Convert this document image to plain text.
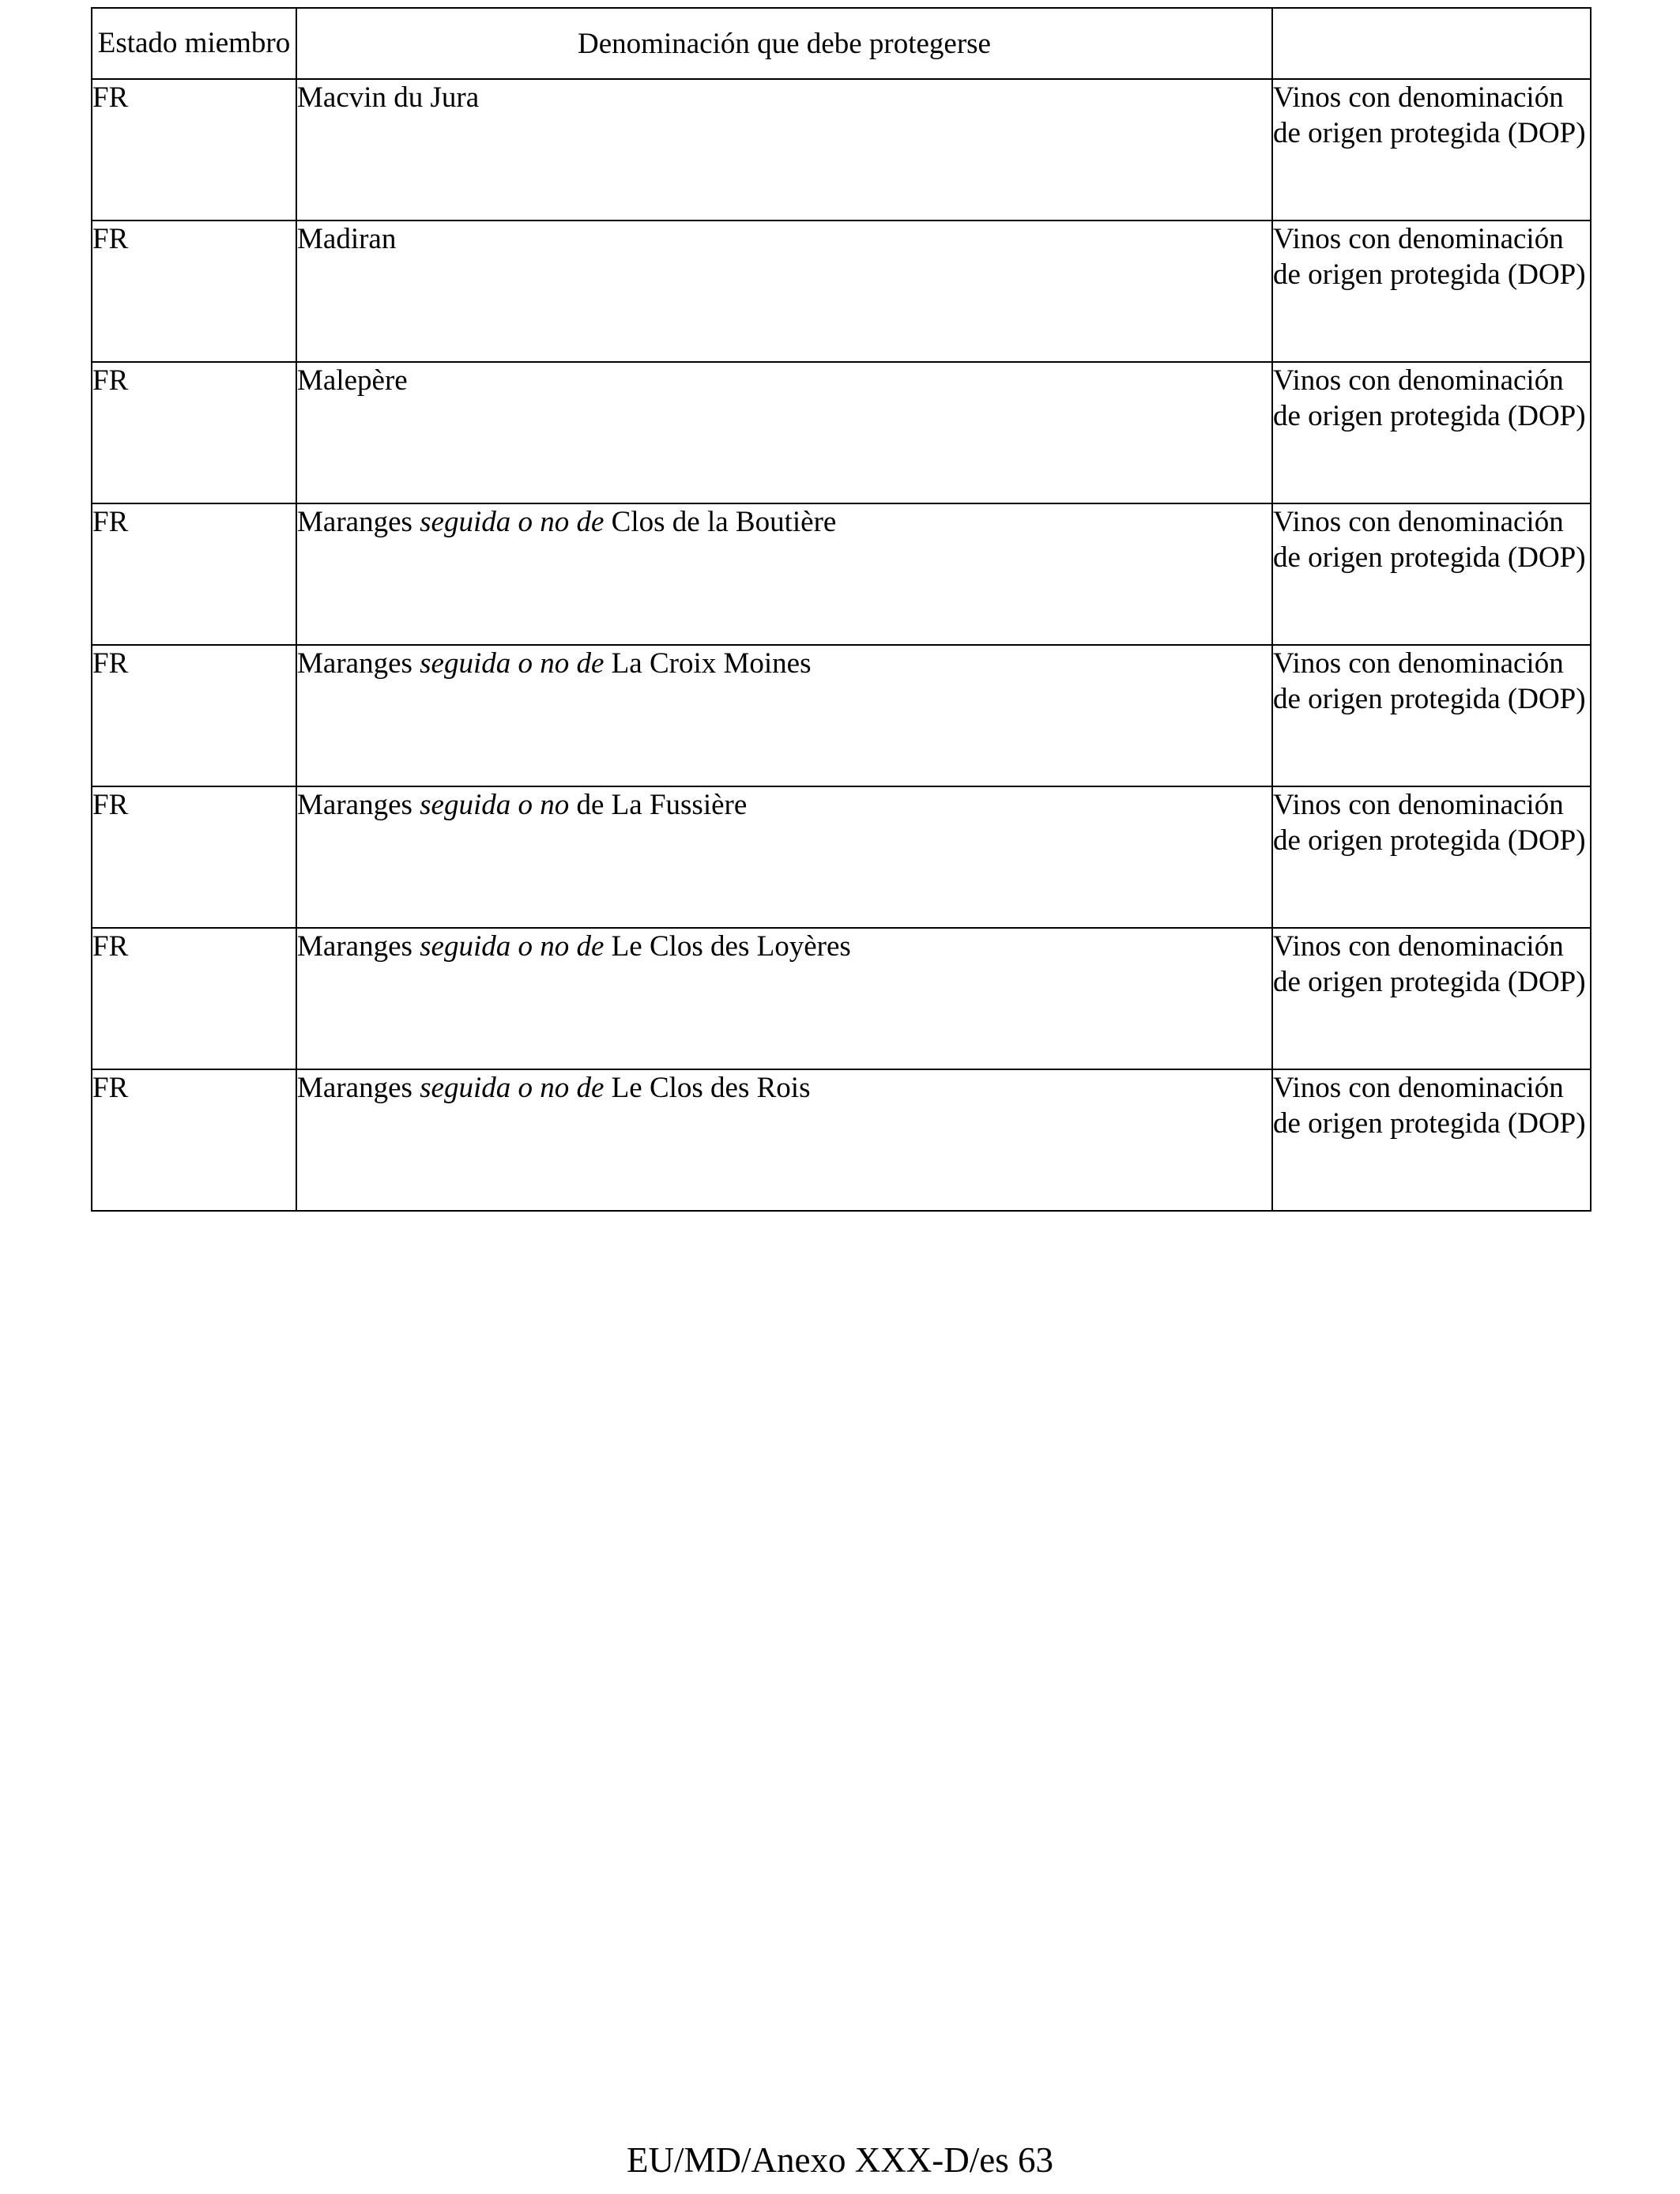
Estado miembro	Denominación que debe protegerse	
FR	Macvin du Jura	Vinos con denominación de origen protegida (DOP)
FR	Madiran	Vinos con denominación de origen protegida (DOP)
FR	Malepère	Vinos con denominación de origen protegida (DOP)
FR	Maranges seguida o no de Clos de la Boutière	Vinos con denominación de origen protegida (DOP)
FR	Maranges seguida o no de La Croix Moines	Vinos con denominación de origen protegida (DOP)
FR	Maranges seguida o no de La Fussière	Vinos con denominación de origen protegida (DOP)
FR	Maranges seguida o no de Le Clos des Loyères	Vinos con denominación de origen protegida (DOP)
FR	Maranges seguida o no de Le Clos des Rois	Vinos con denominación de origen protegida (DOP)
EU/MD/Anexo XXX-D/es 63
